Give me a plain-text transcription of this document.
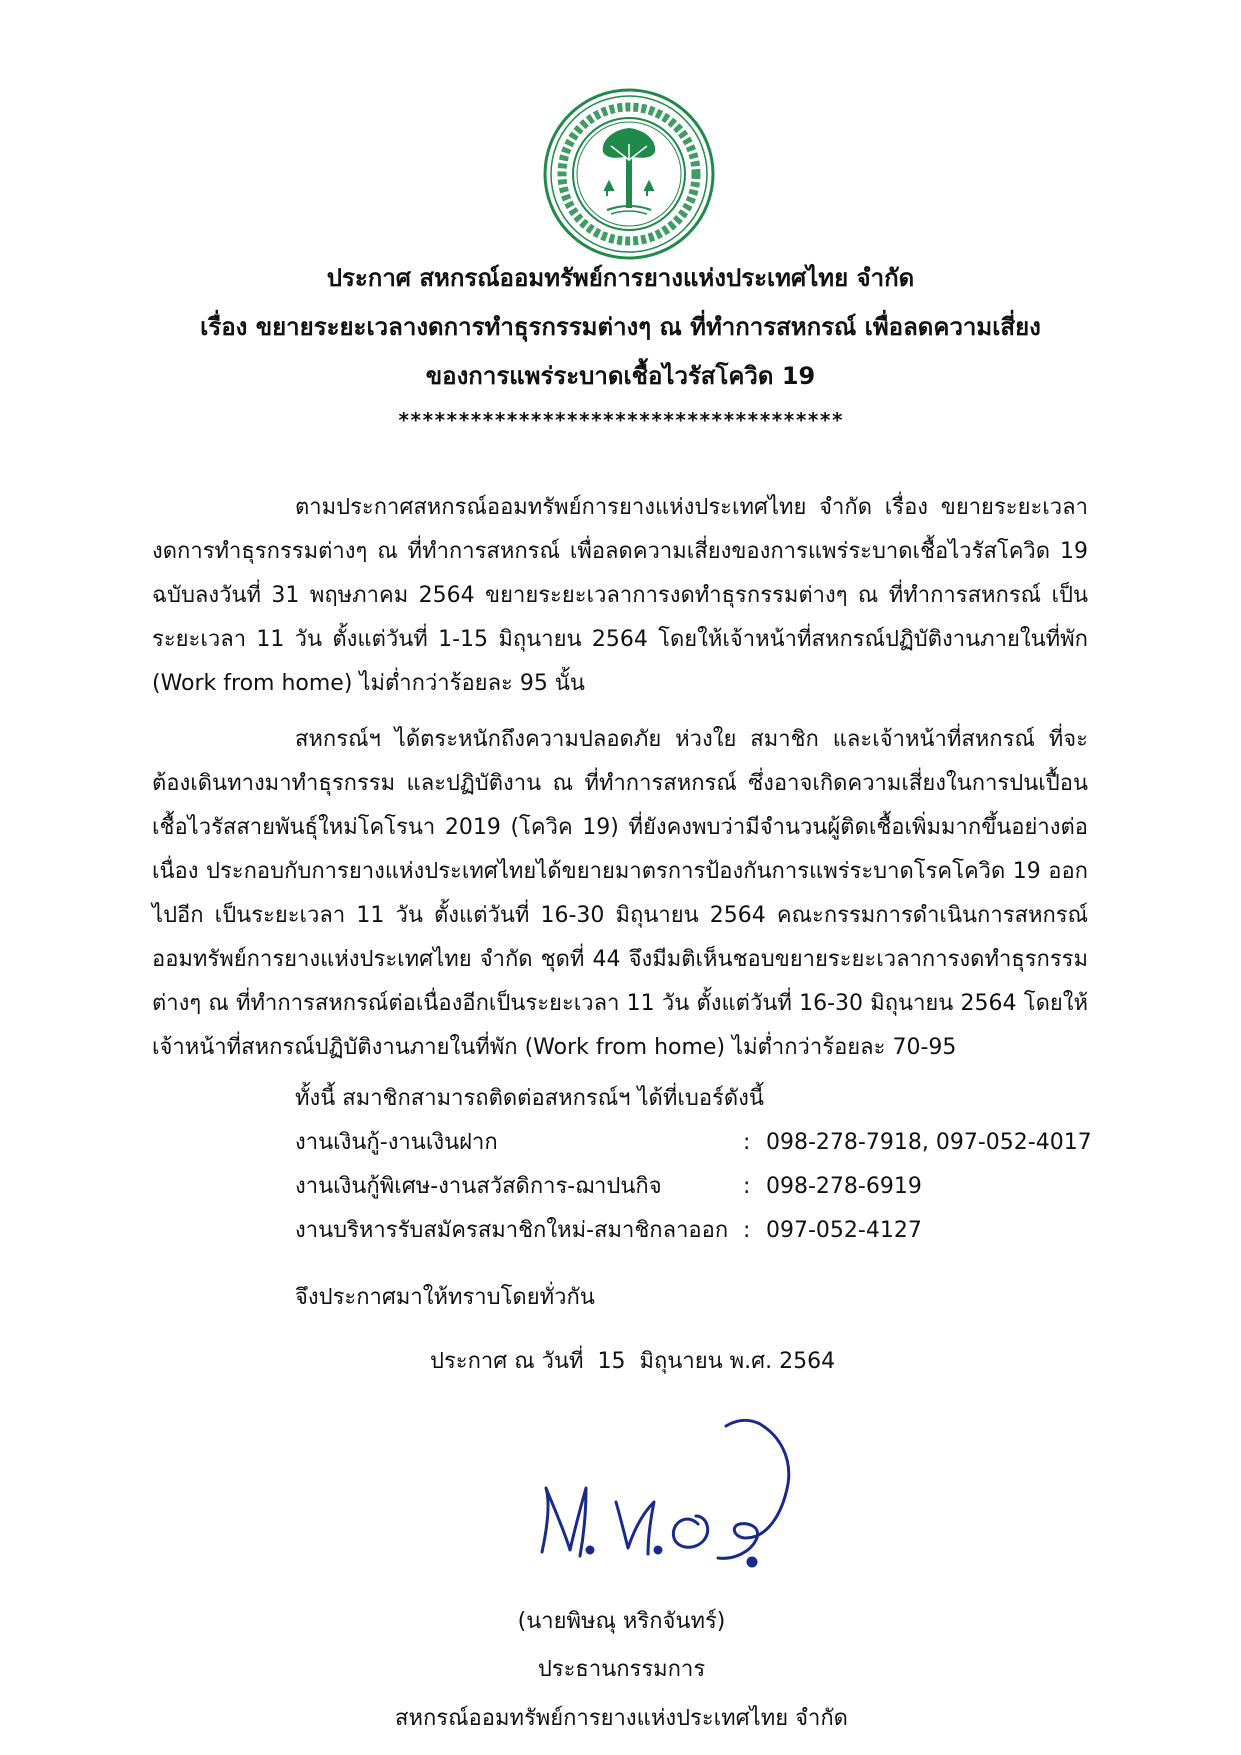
ประกาศ สหกรณ์ออมทรัพย์การยางแห่งประเทศไทย จำกัด
เรื่อง ขยายระยะเวลางดการทำธุรกรรมต่างๆ ณ ที่ทำการสหกรณ์ เพื่อลดความเสี่ยง
ของการแพร่ระบาดเชื้อไวรัสโควิด 19
*************************************
ตามประกาศสหกรณ์ออมทรัพย์การยางแห่งประเทศไทย จำกัด เรื่อง ขยายระยะเวลางดการทำธุรกรรมต่างๆ ณ ที่ทำการสหกรณ์ เพื่อลดความเสี่ยงของการแพร่ระบาดเชื้อไวรัสโควิด 19 ฉบับลงวันที่ 31 พฤษภาคม 2564 ขยายระยะเวลาการงดทำธุรกรรมต่างๆ ณ ที่ทำการสหกรณ์ เป็นระยะเวลา 11 วัน ตั้งแต่วันที่ 1-15 มิถุนายน 2564 โดยให้เจ้าหน้าที่สหกรณ์ปฏิบัติงานภายในที่พัก (Work from home) ไม่ต่ำกว่าร้อยละ 95 นั้น
สหกรณ์ฯ ได้ตระหนักถึงความปลอดภัย ห่วงใย สมาชิก และเจ้าหน้าที่สหกรณ์ ที่จะต้องเดินทางมาทำธุรกรรม และปฏิบัติงาน ณ ที่ทำการสหกรณ์ ซึ่งอาจเกิดความเสี่ยงในการปนเปื้อนเชื้อไวรัสสายพันธุ์ใหม่โคโรนา 2019 (โควิค 19) ที่ยังคงพบว่ามีจำนวนผู้ติดเชื้อเพิ่มมากขึ้นอย่างต่อเนื่อง ประกอบกับการยางแห่งประเทศไทยได้ขยายมาตรการป้องกันการแพร่ระบาดโรคโควิด 19 ออกไปอีก เป็นระยะเวลา 11 วัน ตั้งแต่วันที่ 16-30 มิถุนายน 2564 คณะกรรมการดำเนินการสหกรณ์ออมทรัพย์การยางแห่งประเทศไทย จำกัด ชุดที่ 44 จึงมีมติเห็นชอบขยายระยะเวลาการงดทำธุรกรรมต่างๆ ณ ที่ทำการสหกรณ์ต่อเนื่องอีกเป็นระยะเวลา 11 วัน ตั้งแต่วันที่ 16-30 มิถุนายน 2564 โดยให้เจ้าหน้าที่สหกรณ์ปฏิบัติงานภายในที่พัก (Work from home) ไม่ต่ำกว่าร้อยละ 70-95
ทั้งนี้ สมาชิกสามารถติดต่อสหกรณ์ฯ ได้ที่เบอร์ดังนี้
งานเงินกู้-งานเงินฝาก	: 098-278-7918, 097-052-4017
งานเงินกู้พิเศษ-งานสวัสดิการ-ฌาปนกิจ	: 098-278-6919
งานบริหารรับสมัครสมาชิกใหม่-สมาชิกลาออก : 097-052-4127
จึงประกาศมาให้ทราบโดยทั่วกัน
ประกาศ ณ วันที่  15  มิถุนายน พ.ศ. 2564
(นายพิษณุ หริกจันทร์)
ประธานกรรมการ
สหกรณ์ออมทรัพย์การยางแห่งประเทศไทย จำกัด
